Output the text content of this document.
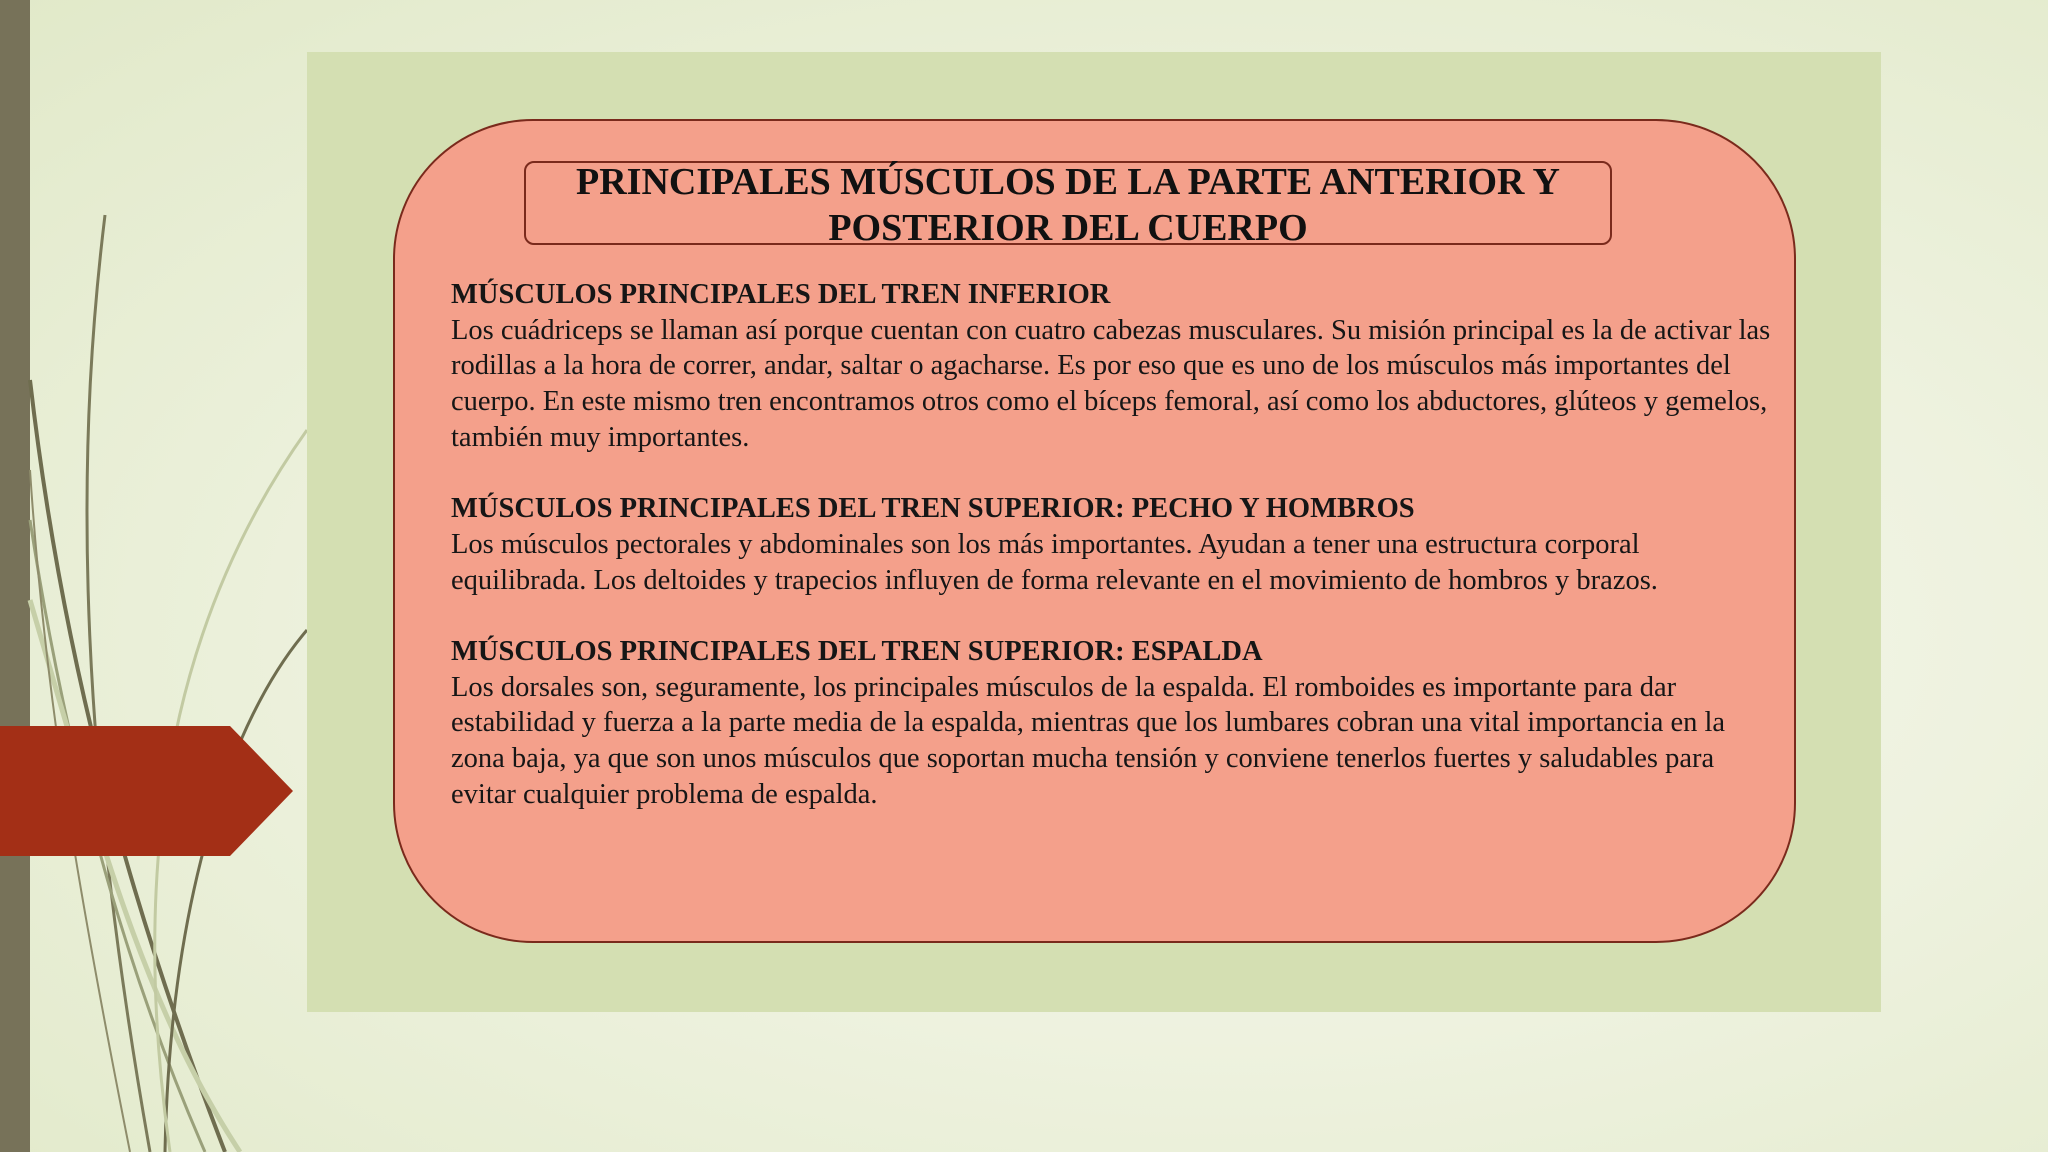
PRINCIPALES MÚSCULOS DE LA PARTE ANTERIOR Y POSTERIOR DEL CUERPO
MÚSCULOS PRINCIPALES DEL TREN INFERIOR

Los cuádriceps se llaman así porque cuentan con cuatro cabezas musculares. Su misión principal es la de activar las rodillas a la hora de correr, andar, saltar o agacharse. Es por eso que es uno de los músculos más importantes del cuerpo. En este mismo tren encontramos otros como el bíceps femoral, así como los abductores, glúteos y gemelos, también muy importantes.

MÚSCULOS PRINCIPALES DEL TREN SUPERIOR: PECHO Y HOMBROS

Los músculos pectorales y abdominales son los más importantes. Ayudan a tener una estructura corporal equilibrada. Los deltoides y trapecios influyen de forma relevante en el movimiento de hombros y brazos.

MÚSCULOS PRINCIPALES DEL TREN SUPERIOR: ESPALDA

Los dorsales son, seguramente, los principales músculos de la espalda. El romboides es importante para dar estabilidad y fuerza a la parte media de la espalda, mientras que los lumbares cobran una vital importancia en la zona baja, ya que son unos músculos que soportan mucha tensión y conviene tenerlos fuertes y saludables para evitar cualquier problema de espalda.
